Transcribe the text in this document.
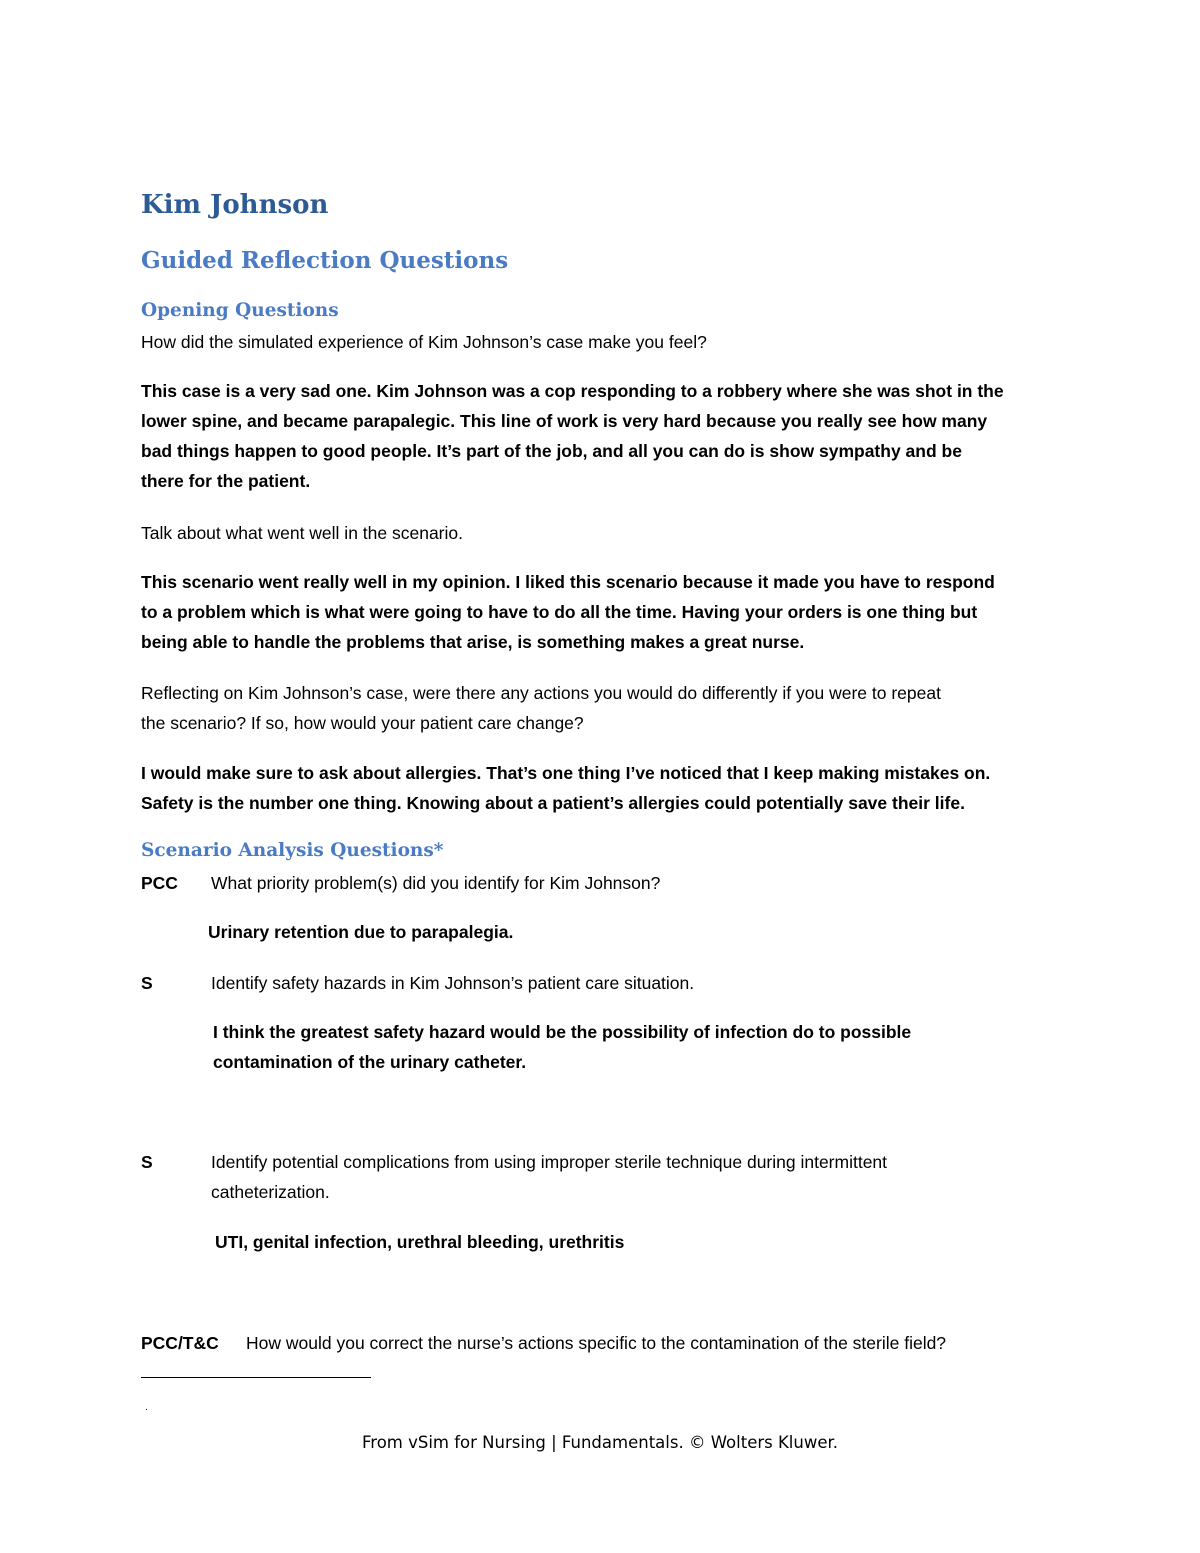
Kim Johnson
Guided Reflection Questions
Opening Questions
How did the simulated experience of Kim Johnson’s case make you feel?
This case is a very sad one. Kim Johnson was a cop responding to a robbery where she was shot in the
lower spine, and became parapalegic. This line of work is very hard because you really see how many
bad things happen to good people. It’s part of the job, and all you can do is show sympathy and be
there for the patient.
Talk about what went well in the scenario.
This scenario went really well in my opinion. I liked this scenario because it made you have to respond
to a problem which is what were going to have to do all the time. Having your orders is one thing but
being able to handle the problems that arise, is something makes a great nurse.
Reflecting on Kim Johnson’s case, were there any actions you would do differently if you were to repeat
the scenario? If so, how would your patient care change?
I would make sure to ask about allergies. That’s one thing I’ve noticed that I keep making mistakes on.
Safety is the number one thing. Knowing about a patient’s allergies could potentially save their life.
Scenario Analysis Questions*
PCC What priority problem(s) did you identify for Kim Johnson?
Urinary retention due to parapalegia.
S	Identify safety hazards in Kim Johnson’s patient care situation.
I think the greatest safety hazard would be the possibility of infection do to possible
contamination of the urinary catheter.
S	Identify potential complications from using improper sterile technique during intermittent
catheterization.
UTI, genital infection, urethral bleeding, urethritis
PCC/T&C How would you correct the nurse’s actions specific to the contamination of the sterile field?
.
From vSim for Nursing | Fundamentals. © Wolters Kluwer.
